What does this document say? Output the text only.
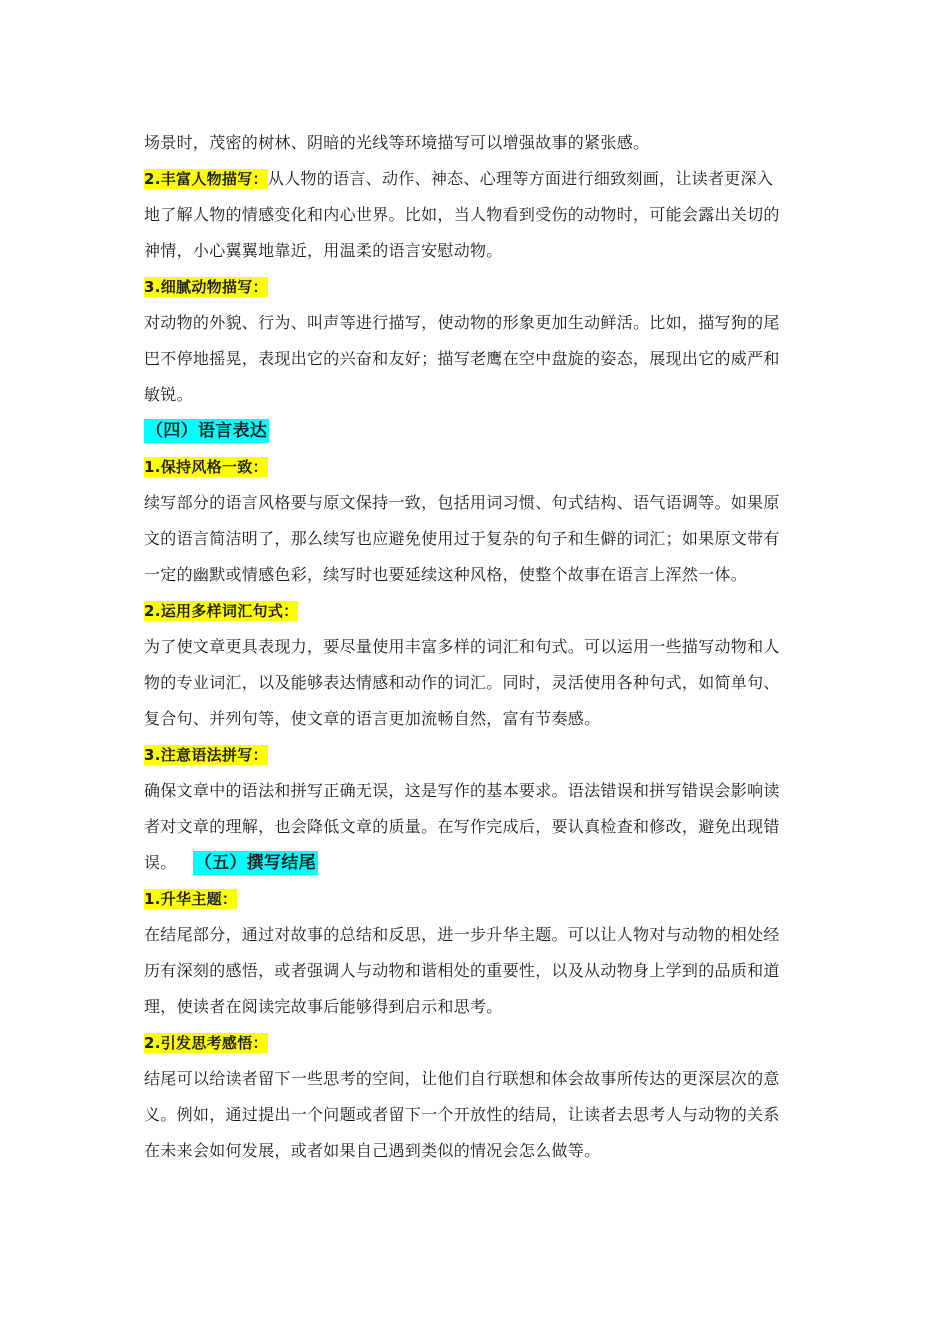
场景时，茂密的树林、阴暗的光线等环境描写可以增强故事的紧张感。
2.丰富人物描写：从人物的语言、动作、神态、心理等方面进行细致刻画，让读者更深入
地了解人物的情感变化和内心世界。比如，当人物看到受伤的动物时，可能会露出关切的
神情，小心翼翼地靠近，用温柔的语言安慰动物。
3.细腻动物描写：
对动物的外貌、行为、叫声等进行描写，使动物的形象更加生动鲜活。比如，描写狗的尾
巴不停地摇晃，表现出它的兴奋和友好；描写老鹰在空中盘旋的姿态，展现出它的威严和
敏锐。
（四）语言表达
1.保持风格一致：
续写部分的语言风格要与原文保持一致，包括用词习惯、句式结构、语气语调等。如果原
文的语言简洁明了，那么续写也应避免使用过于复杂的句子和生僻的词汇；如果原文带有
一定的幽默或情感色彩，续写时也要延续这种风格，使整个故事在语言上浑然一体。
2.运用多样词汇句式：
为了使文章更具表现力，要尽量使用丰富多样的词汇和句式。可以运用一些描写动物和人
物的专业词汇，以及能够表达情感和动作的词汇。同时，灵活使用各种句式，如简单句、
复合句、并列句等，使文章的语言更加流畅自然，富有节奏感。
3.注意语法拼写：
确保文章中的语法和拼写正确无误，这是写作的基本要求。语法错误和拼写错误会影响读
者对文章的理解，也会降低文章的质量。在写作完成后，要认真检查和修改，避免出现错
误。 （五）撰写结尾
1.升华主题：
在结尾部分，通过对故事的总结和反思，进一步升华主题。可以让人物对与动物的相处经
历有深刻的感悟，或者强调人与动物和谐相处的重要性，以及从动物身上学到的品质和道
理，使读者在阅读完故事后能够得到启示和思考。
2.引发思考感悟：
结尾可以给读者留下一些思考的空间，让他们自行联想和体会故事所传达的更深层次的意
义。例如，通过提出一个问题或者留下一个开放性的结局，让读者去思考人与动物的关系
在未来会如何发展，或者如果自己遇到类似的情况会怎么做等。
